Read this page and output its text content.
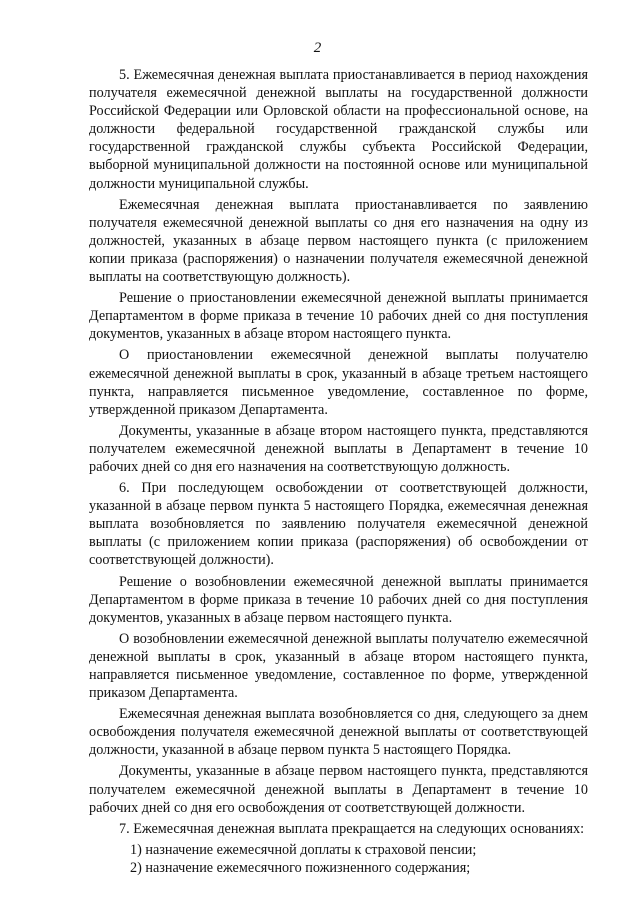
2

5. Ежемесячная денежная выплата приостанавливается в период нахождения получателя ежемесячной денежной выплаты на государственной должности Российской Федерации или Орловской области на профессиональной основе, на должности федеральной государственной гражданской службы или государственной гражданской службы субъекта Российской Федерации, выборной муниципальной должности на постоянной основе или муниципальной должности муниципальной службы.

Ежемесячная денежная выплата приостанавливается по заявлению получателя ежемесячной денежной выплаты со дня его назначения на одну из должностей, указанных в абзаце первом настоящего пункта (с приложением копии приказа (распоряжения) о назначении получателя ежемесячной денежной выплаты на соответствующую должность).

Решение о приостановлении ежемесячной денежной выплаты принимается Департаментом в форме приказа в течение 10 рабочих дней со дня поступления документов, указанных в абзаце втором настоящего пункта.

О приостановлении ежемесячной денежной выплаты получателю ежемесячной денежной выплаты в срок, указанный в абзаце третьем настоящего пункта, направляется письменное уведомление, составленное по форме, утвержденной приказом Департамента.

Документы, указанные в абзаце втором настоящего пункта, представляются получателем ежемесячной денежной выплаты в Департамент в течение 10 рабочих дней со дня его назначения на соответствующую должность.

6. При последующем освобождении от соответствующей должности, указанной в абзаце первом пункта 5 настоящего Порядка, ежемесячная денежная выплата возобновляется по заявлению получателя ежемесячной денежной выплаты (с приложением копии приказа (распоряжения) об освобождении от соответствующей должности).

Решение о возобновлении ежемесячной денежной выплаты принимается Департаментом в форме приказа в течение 10 рабочих дней со дня поступления документов, указанных в абзаце первом настоящего пункта.

О возобновлении ежемесячной денежной выплаты получателю ежемесячной денежной выплаты в срок, указанный в абзаце втором настоящего пункта, направляется письменное уведомление, составленное по форме, утвержденной приказом Департамента.

Ежемесячная денежная выплата возобновляется со дня, следующего за днем освобождения получателя ежемесячной денежной выплаты от соответствующей должности, указанной в абзаце первом пункта 5 настоящего Порядка.

Документы, указанные в абзаце первом настоящего пункта, представляются получателем ежемесячной денежной выплаты в Департамент в течение 10 рабочих дней со дня его освобождения от соответствующей должности.

7. Ежемесячная денежная выплата прекращается на следующих основаниях:

1) назначение ежемесячной доплаты к страховой пенсии;

2) назначение ежемесячного пожизненного содержания;
